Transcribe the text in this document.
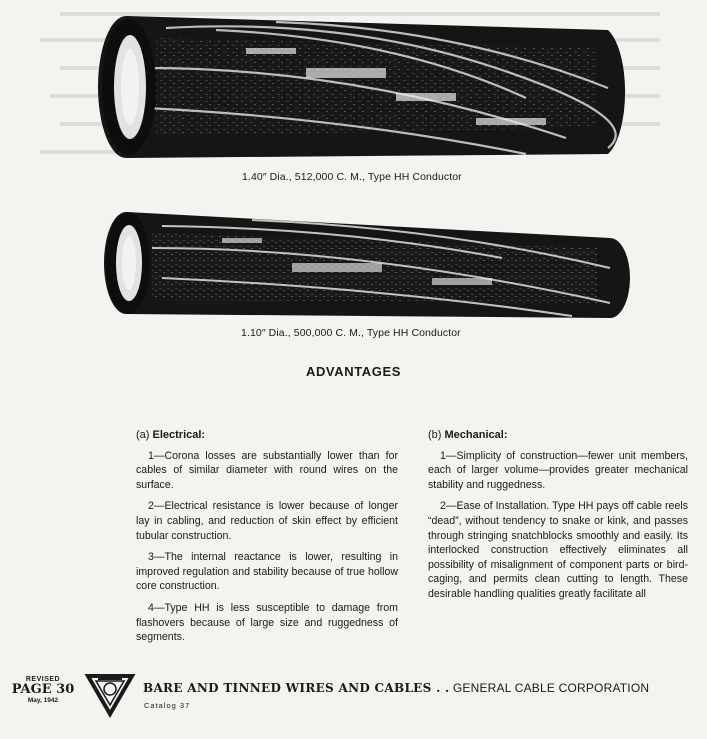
1.40″ Dia., 512,000 C. M., Type HH Conductor
1.10″ Dia., 500,000 C. M., Type HH Conductor
ADVANTAGES

(a) Electrical:

1—Corona losses are substantially lower than for cables of similar diameter with round wires on the surface.

2—Electrical resistance is lower because of longer lay in cabling, and reduction of skin effect by efficient tubular construction.

3—The internal reactance is lower, resulting in improved regulation and stability because of true hollow core construction.

4—Type HH is less susceptible to damage from flashovers because of large size and ruggedness of segments.

(b) Mechanical:

1—Simplicity of construction—fewer unit members, each of larger volume—provides greater mechanical stability and ruggedness.

2—Ease of Installation. Type HH pays off cable reels “dead”, without tendency to snake or kink, and passes through stringing snatchblocks smoothly and easily. Its interlocked construction effectively eliminates all possibility of misalignment of component parts or bird-caging, and permits clean cutting to length. These desirable handling qualities greatly facilitate all

REVISED
PAGE 30
May, 1942
BARE AND TINNED WIRES AND CABLES . . GENERAL CABLE CORPORATION
Catalog 37
